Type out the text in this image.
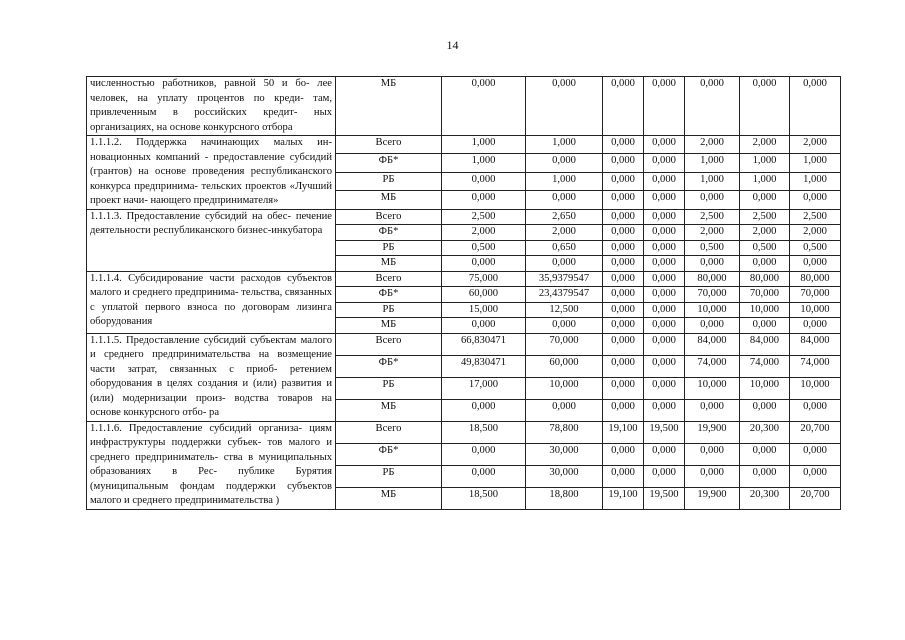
14
численностью работников, равной 50 и бо- лее человек, на уплату процентов по креди- там, привлеченным в российских кредит- ных организациях, на основе конкурсного отбора	МБ	0,000	0,000	0,000	0,000	0,000	0,000	0,000
1.1.1.2. Поддержка начинающих малых ин- новационных компаний - предоставление субсидий (грантов) на основе проведения республиканского конкурса предпринима- тельских проектов «Лучший проект начи- нающего предпринимателя»	Всего	1,000	1,000	0,000	0,000	2,000	2,000	2,000
	ФБ*	1,000	0,000	0,000	0,000	1,000	1,000	1,000
	РБ	0,000	1,000	0,000	0,000	1,000	1,000	1,000
	МБ	0,000	0,000	0,000	0,000	0,000	0,000	0,000
1.1.1.3. Предоставление субсидий на обес- печение деятельности республиканского бизнес-инкубатора	Всего	2,500	2,650	0,000	0,000	2,500	2,500	2,500
	ФБ*	2,000	2,000	0,000	0,000	2,000	2,000	2,000
	РБ	0,500	0,650	0,000	0,000	0,500	0,500	0,500
	МБ	0,000	0,000	0,000	0,000	0,000	0,000	0,000
1.1.1.4. Субсидирование части расходов субъектов малого и среднего предпринима- тельства, связанных с уплатой первого взноса по договорам лизинга оборудования	Всего	75,000	35,9379547	0,000	0,000	80,000	80,000	80,000
	ФБ*	60,000	23,4379547	0,000	0,000	70,000	70,000	70,000
	РБ	15,000	12,500	0,000	0,000	10,000	10,000	10,000
	МБ	0,000	0,000	0,000	0,000	0,000	0,000	0,000
1.1.1.5. Предоставление субсидий субъектам малого и среднего предпринимательства на возмещение части затрат, связанных с приоб- ретением оборудования в целях создания и (или) развития и (или) модернизации произ- водства товаров на основе конкурсного отбо- ра	Всего	66,830471	70,000	0,000	0,000	84,000	84,000	84,000
	ФБ*	49,830471	60,000	0,000	0,000	74,000	74,000	74,000
	РБ	17,000	10,000	0,000	0,000	10,000	10,000	10,000
	МБ	0,000	0,000	0,000	0,000	0,000	0,000	0,000
1.1.1.6. Предоставление субсидий организа- циям инфраструктуры поддержки субъек- тов малого и среднего предприниматель- ства в муниципальных образованиях в Рес- публике Бурятия (муниципальным фондам поддержки субъектов малого и среднего предпринимательства )	Всего	18,500	78,800	19,100	19,500	19,900	20,300	20,700
	ФБ*	0,000	30,000	0,000	0,000	0,000	0,000	0,000
	РБ	0,000	30,000	0,000	0,000	0,000	0,000	0,000
	МБ	18,500	18,800	19,100	19,500	19,900	20,300	20,700
